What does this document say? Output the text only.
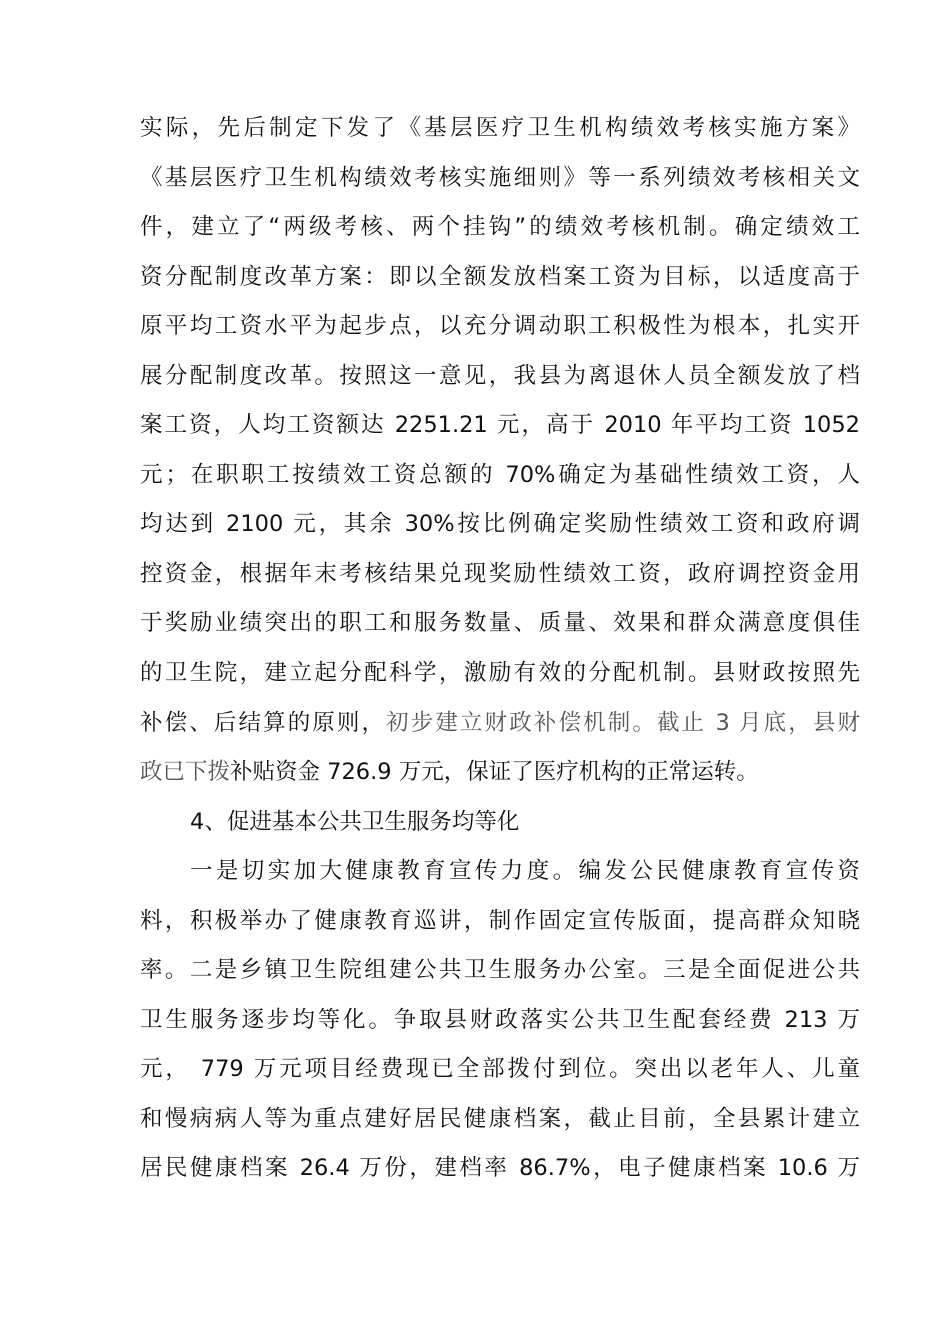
实际，先后制定下发了《基层医疗卫生机构绩效考核实施方案》
《基层医疗卫生机构绩效考核实施细则》等一系列绩效考核相关文
件，建立了“两级考核、两个挂钩”的绩效考核机制。确定绩效工
资分配制度改革方案：即以全额发放档案工资为目标，以适度高于
原平均工资水平为起步点，以充分调动职工积极性为根本，扎实开
展分配制度改革。按照这一意见，我县为离退休人员全额发放了档
案工资，人均工资额达 2251.21 元，高于 2010 年平均工资 1052
元；在职职工按绩效工资总额的 70%确定为基础性绩效工资，人
均达到 2100 元，其余 30%按比例确定奖励性绩效工资和政府调
控资金，根据年末考核结果兑现奖励性绩效工资，政府调控资金用
于奖励业绩突出的职工和服务数量、质量、效果和群众满意度俱佳
的卫生院，建立起分配科学，激励有效的分配机制。县财政按照先
补偿、后结算的原则，初步建立财政补偿机制。截止 3 月底，县财
政已下拨补贴资金 726.9 万元，保证了医疗机构的正常运转。
4、促进基本公共卫生服务均等化
一是切实加大健康教育宣传力度。编发公民健康教育宣传资
料，积极举办了健康教育巡讲，制作固定宣传版面，提高群众知晓
率。二是乡镇卫生院组建公共卫生服务办公室。三是全面促进公共
卫生服务逐步均等化。争取县财政落实公共卫生配套经费 213 万
元， 779 万元项目经费现已全部拨付到位。突出以老年人、儿童
和慢病病人等为重点建好居民健康档案，截止目前，全县累计建立
居民健康档案 26.4 万份，建档率 86.7%，电子健康档案 10.6 万
